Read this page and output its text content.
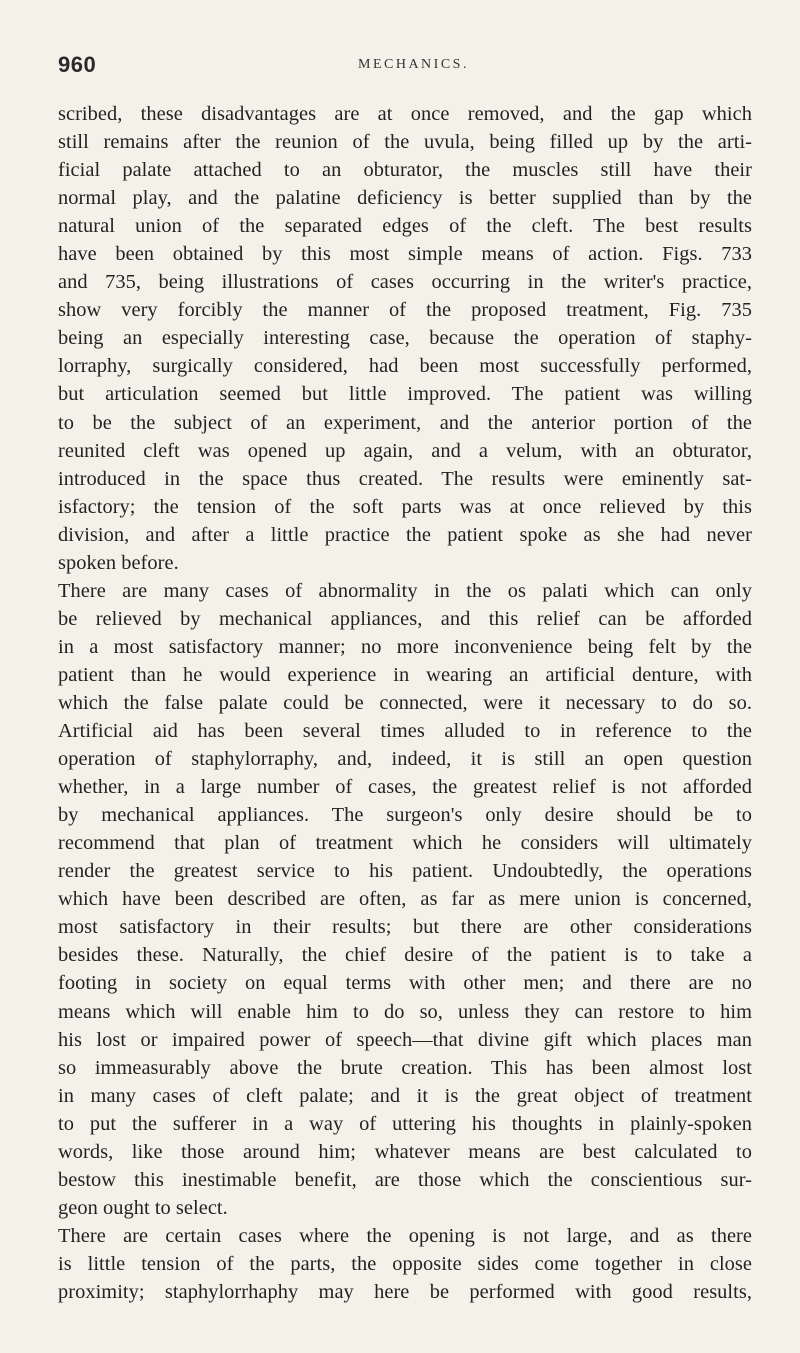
960	MECHANICS.
scribed, these disadvantages are at once removed, and the gap which
still remains after the reunion of the uvula, being filled up by the arti-
ficial palate attached to an obturator, the muscles still have their
normal play, and the palatine deficiency is better supplied than by the
natural union of the separated edges of the cleft. The best results
have been obtained by this most simple means of action. Figs. 733
and 735, being illustrations of cases occurring in the writer's practice,
show very forcibly the manner of the proposed treatment, Fig. 735
being an especially interesting case, because the operation of staphy-
lorraphy, surgically considered, had been most successfully performed,
but articulation seemed but little improved. The patient was willing
to be the subject of an experiment, and the anterior portion of the
reunited cleft was opened up again, and a velum, with an obturator,
introduced in the space thus created. The results were eminently sat-
isfactory; the tension of the soft parts was at once relieved by this
division, and after a little practice the patient spoke as she had never
spoken before.
There are many cases of abnormality in the os palati which can only
be relieved by mechanical appliances, and this relief can be afforded
in a most satisfactory manner; no more inconvenience being felt by the
patient than he would experience in wearing an artificial denture, with
which the false palate could be connected, were it necessary to do so.
Artificial aid has been several times alluded to in reference to the
operation of staphylorraphy, and, indeed, it is still an open question
whether, in a large number of cases, the greatest relief is not afforded
by mechanical appliances. The surgeon's only desire should be to
recommend that plan of treatment which he considers will ultimately
render the greatest service to his patient. Undoubtedly, the operations
which have been described are often, as far as mere union is concerned,
most satisfactory in their results; but there are other considerations
besides these. Naturally, the chief desire of the patient is to take a
footing in society on equal terms with other men; and there are no
means which will enable him to do so, unless they can restore to him
his lost or impaired power of speech—that divine gift which places man
so immeasurably above the brute creation. This has been almost lost
in many cases of cleft palate; and it is the great object of treatment
to put the sufferer in a way of uttering his thoughts in plainly-spoken
words, like those around him; whatever means are best calculated to
bestow this inestimable benefit, are those which the conscientious sur-
geon ought to select.
There are certain cases where the opening is not large, and as there
is little tension of the parts, the opposite sides come together in close
proximity; staphylorrhaphy may here be performed with good results,
